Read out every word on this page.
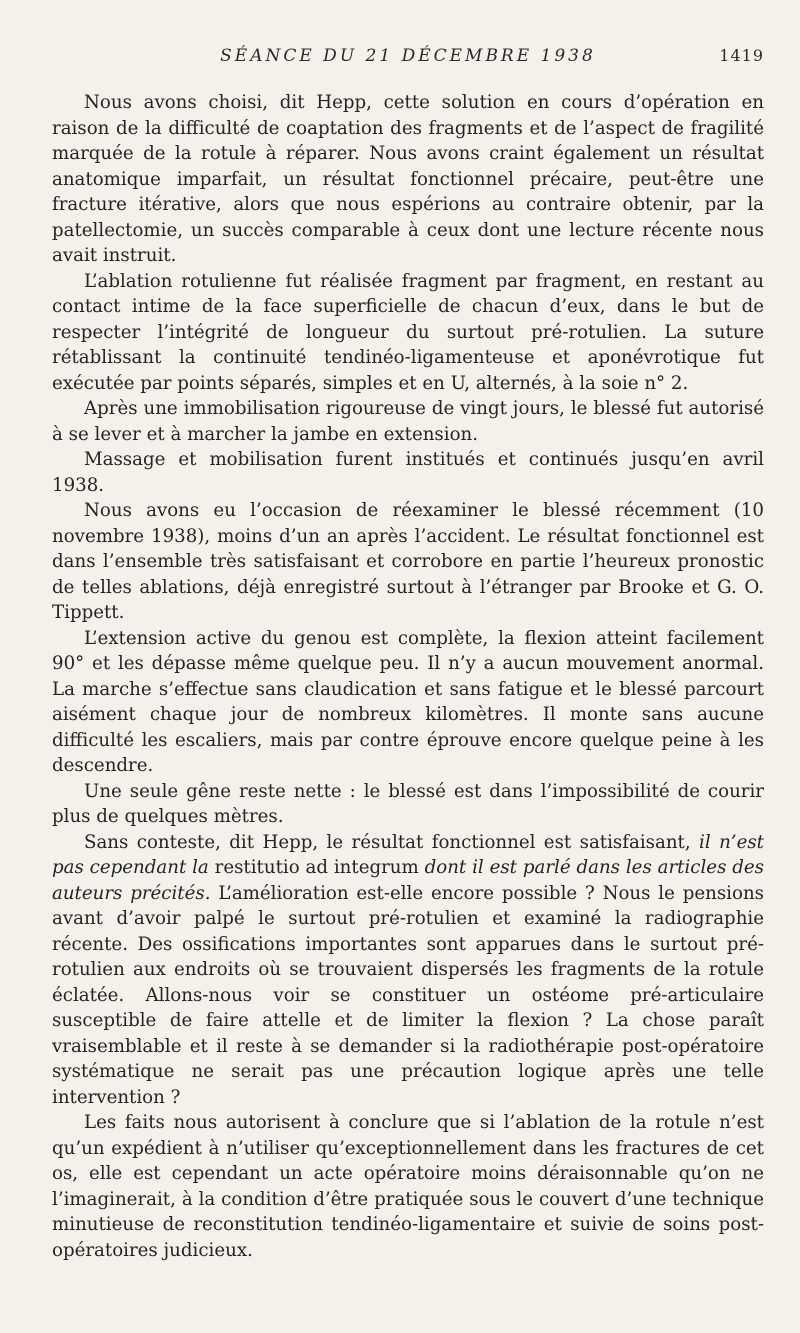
SÉANCE DU 21 DÉCEMBRE 1938	1419

Nous avons choisi, dit Hepp, cette solution en cours d’opération en raison de la difficulté de coaptation des fragments et de l’aspect de fragilité marquée de la rotule à réparer. Nous avons craint également un résultat anatomique imparfait, un résultat fonctionnel précaire, peut-être une fracture itérative, alors que nous espérions au contraire obtenir, par la patellectomie, un succès comparable à ceux dont une lecture récente nous avait instruit.

L’ablation rotulienne fut réalisée fragment par fragment, en restant au contact intime de la face superficielle de chacun d’eux, dans le but de respecter l’intégrité de longueur du surtout pré-rotulien. La suture rétablissant la continuité tendinéo-ligamenteuse et aponévrotique fut exécutée par points séparés, simples et en U, alternés, à la soie n° 2.

Après une immobilisation rigoureuse de vingt jours, le blessé fut autorisé à se lever et à marcher la jambe en extension.

Massage et mobilisation furent institués et continués jusqu’en avril 1938.

Nous avons eu l’occasion de réexaminer le blessé récemment (10 novembre 1938), moins d’un an après l’accident. Le résultat fonctionnel est dans l’ensemble très satisfaisant et corrobore en partie l’heureux pronostic de telles ablations, déjà enregistré surtout à l’étranger par Brooke et G. O. Tippett.

L’extension active du genou est complète, la flexion atteint facilement 90° et les dépasse même quelque peu. Il n’y a aucun mouvement anormal. La marche s’effectue sans claudication et sans fatigue et le blessé parcourt aisément chaque jour de nombreux kilomètres. Il monte sans aucune difficulté les escaliers, mais par contre éprouve encore quelque peine à les descendre.

Une seule gêne reste nette : le blessé est dans l’impossibilité de courir plus de quelques mètres.

Sans conteste, dit Hepp, le résultat fonctionnel est satisfaisant, il n’est pas cependant la restitutio ad integrum dont il est parlé dans les articles des auteurs précités. L’amélioration est-elle encore possible ? Nous le pensions avant d’avoir palpé le surtout pré-rotulien et examiné la radiographie récente. Des ossifications importantes sont apparues dans le surtout pré-rotulien aux endroits où se trouvaient dispersés les fragments de la rotule éclatée. Allons-nous voir se constituer un ostéome pré-articulaire susceptible de faire attelle et de limiter la flexion ? La chose paraît vraisemblable et il reste à se demander si la radiothérapie post-opératoire systématique ne serait pas une précaution logique après une telle intervention ?

Les faits nous autorisent à conclure que si l’ablation de la rotule n’est qu’un expédient à n’utiliser qu’exceptionnellement dans les fractures de cet os, elle est cependant un acte opératoire moins déraisonnable qu’on ne l’imaginerait, à la condition d’être pratiquée sous le couvert d’une technique minutieuse de reconstitution tendinéo-ligamentaire et suivie de soins post-opératoires judicieux.
